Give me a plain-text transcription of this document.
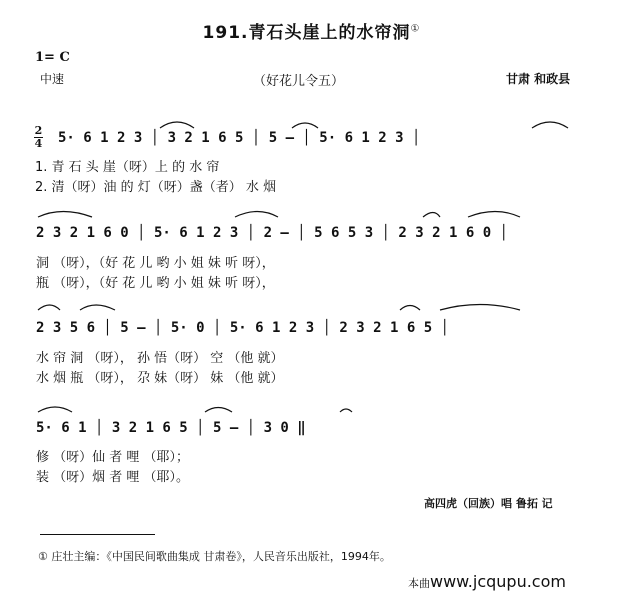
191.青石头崖上的水帘洞①
1= C
中速	（好花儿令五）	甘肃 和政县
2
4 5· 6 1 2 3 │ 3 2 1 6 5 │ 5 — │ 5· 6 1 2 3 │
1. 青 石 头 崖（呀）上 的 水 帘
2. 清（呀）油 的 灯（呀）盏（者） 水 烟
2 3 2 1 6 0 │ 5· 6 1 2 3 │ 2 — │ 5 6 5 3 │ 2 3 2 1 6 0 │
洞 （呀），（好 花 儿 哟 小 姐 妹 听 呀），
瓶 （呀），（好 花 儿 哟 小 姐 妹 听 呀），
2 3 5 6 │ 5 — │ 5· 0 │ 5· 6 1 2 3 │ 2 3 2 1 6 5 │
水 帘 洞 （呀）， 孙 悟（呀） 空 （他 就）
水 烟 瓶 （呀）， 尕 妹（呀） 妹 （他 就）
5· 6 1 │ 3 2 1 6 5 │ 5 — │ 3 0 ‖
修 （呀）仙 者 哩 （耶）；
装 （呀）烟 者 哩 （耶）。
高四虎（回族）唱 鲁拓 记
① 庄壮主编：《中国民间歌曲集成 甘肃卷》，人民音乐出版社，1994年。
本曲www.jcqupu.com
